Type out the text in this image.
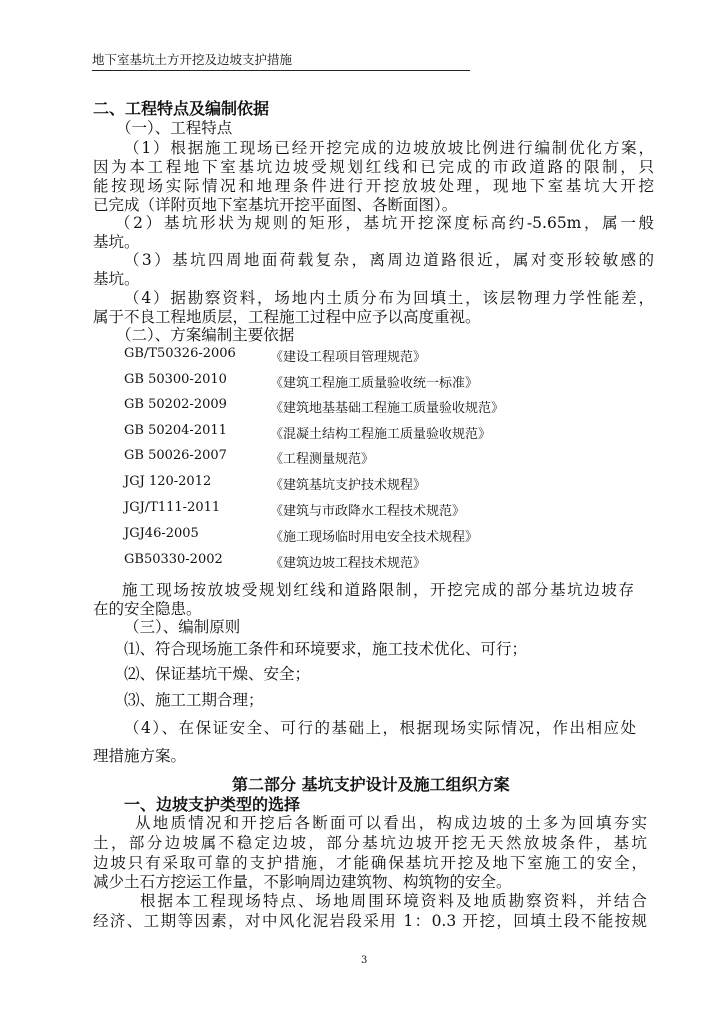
地下室基坑土方开挖及边坡支护措施
二、工程特点及编制依据
（一）、工程特点
（1）根据施工现场已经开挖完成的边坡放坡比例进行编制优化方案，
因为本工程地下室基坑边坡受规划红线和已完成的市政道路的限制，只
能按现场实际情况和地理条件进行开挖放坡处理，现地下室基坑大开挖
已完成（详附页地下室基坑开挖平面图、各断面图）。
（2）基坑形状为规则的矩形，基坑开挖深度标高约-5.65m，属一般
基坑。
（3）基坑四周地面荷载复杂，离周边道路很近，属对变形较敏感的
基坑。
（4）据勘察资料，场地内土质分布为回填土，该层物理力学性能差，
属于不良工程地质层，工程施工过程中应予以高度重视。
（二）、方案编制主要依据
GB/T50326-2006	《建设工程项目管理规范》
GB 50300-2010	《建筑工程施工质量验收统一标准》
GB 50202-2009	《建筑地基基础工程施工质量验收规范》
GB 50204-2011	《混凝土结构工程施工质量验收规范》
GB 50026-2007	《工程测量规范》
JGJ 120-2012	《建筑基坑支护技术规程》
JGJ/T111-2011	《建筑与市政降水工程技术规范》
JGJ46-2005	《施工现场临时用电安全技术规程》
GB50330-2002	《建筑边坡工程技术规范》
施工现场按放坡受规划红线和道路限制，开挖完成的部分基坑边坡存
在的安全隐患。
（三）、编制原则
⑴、符合现场施工条件和环境要求，施工技术优化、可行；
⑵、保证基坑干燥、安全；
⑶、施工工期合理；
（4）、在保证安全、可行的基础上，根据现场实际情况，作出相应处
理措施方案。
第二部分 基坑支护设计及施工组织方案
一、边坡支护类型的选择
从地质情况和开挖后各断面可以看出，构成边坡的土多为回填夯实
土，部分边坡属不稳定边坡，部分基坑边坡开挖无天然放坡条件，基坑
边坡只有采取可靠的支护措施，才能确保基坑开挖及地下室施工的安全，
减少土石方挖运工作量，不影响周边建筑物、构筑物的安全。
根据本工程现场特点、场地周围环境资料及地质勘察资料，并结合
经济、工期等因素，对中风化泥岩段采用 1：0.3 开挖，回填土段不能按规
3
